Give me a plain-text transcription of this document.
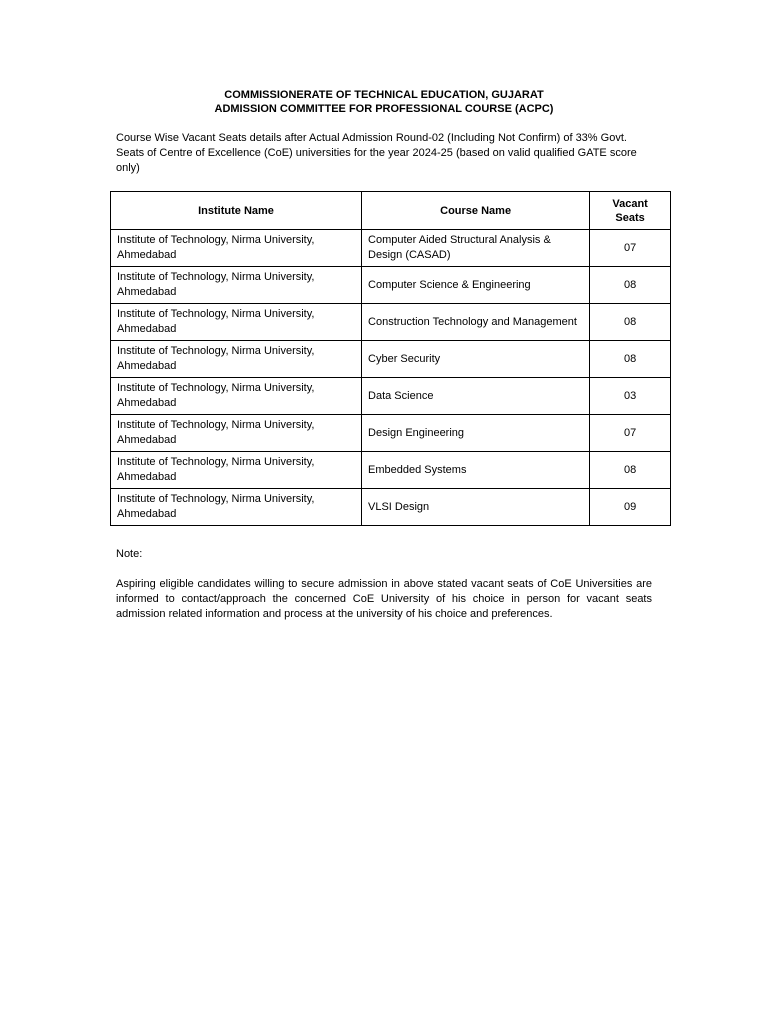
COMMISSIONERATE OF TECHNICAL EDUCATION, GUJARAT
ADMISSION COMMITTEE FOR PROFESSIONAL COURSE (ACPC)
Course Wise Vacant Seats details after Actual Admission Round-02 (Including Not Confirm) of 33% Govt. Seats of Centre of Excellence (CoE) universities for the year 2024-25 (based on valid qualified GATE score only)
Institute Name	Course Name	Vacant
Seats
Institute of Technology, Nirma University, Ahmedabad	Computer Aided Structural Analysis & Design (CASAD)	07
Institute of Technology, Nirma University, Ahmedabad	Computer Science & Engineering	08
Institute of Technology, Nirma University, Ahmedabad	Construction Technology and Management	08
Institute of Technology, Nirma University, Ahmedabad	Cyber Security	08
Institute of Technology, Nirma University, Ahmedabad	Data Science	03
Institute of Technology, Nirma University, Ahmedabad	Design Engineering	07
Institute of Technology, Nirma University, Ahmedabad	Embedded Systems	08
Institute of Technology, Nirma University, Ahmedabad	VLSI Design	09
Note:
Aspiring eligible candidates willing to secure admission in above stated vacant seats of CoE Universities are informed to contact/approach the concerned CoE University of his choice in person for vacant seats admission related information and process at the university of his choice and preferences.
